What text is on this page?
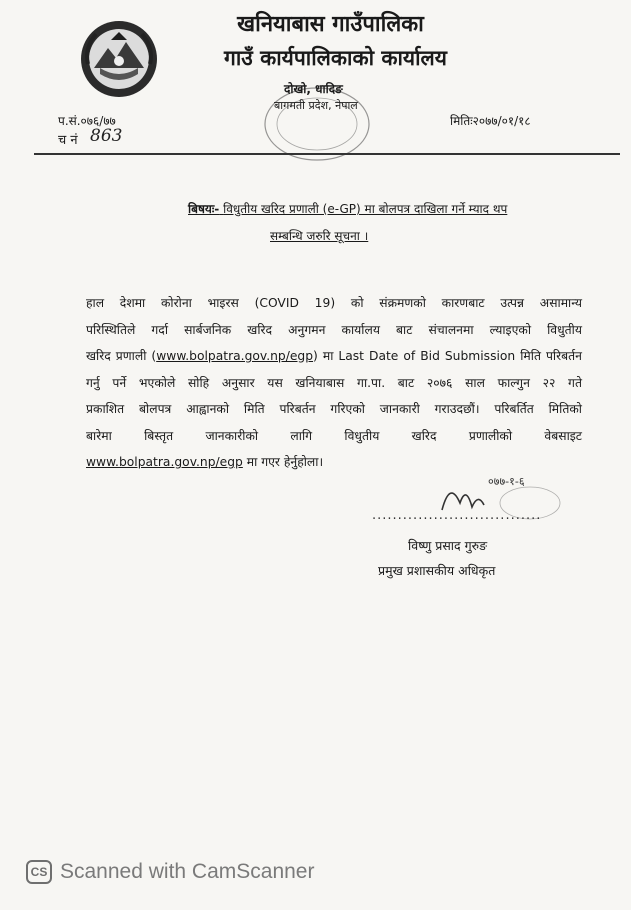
खनियाबास गाउँपालिका
गाउँ कार्यपालिकाको कार्यालय
दोखो, धादिङ
बागमती प्रदेश, नेपाल
प.सं.०७६/७७
च नं 863
मितिः२०७७/०१/१८
बिषयः- विधुतीय खरिद प्रणाली (e-GP) मा बोलपत्र दाखिला गर्ने म्याद थप
सम्बन्धि जरुरि सूचना ।
हाल देशमा कोरोना भाइरस (COVID 19) को संक्रमणको कारणबाट उत्पन्न असामान्य
परिस्थितिले गर्दा सार्बजनिक खरिद अनुगमन कार्यालय बाट संचालनमा ल्याइएको विधुतीय
खरिद प्रणाली (www.bolpatra.gov.np/egp) मा Last Date of Bid Submission मिति परिबर्तन
गर्नु पर्ने भएकोले सोहि अनुसार यस खनियाबास गा.पा. बाट २०७६ साल फाल्गुन २२ गते
प्रकाशित बोलपत्र आह्वानको मिति परिबर्तन गरिएको जानकारी गराउदछौं। परिबर्तित मितिको
बारेमा बिस्तृत जानकारीको लागि विधुतीय खरिद प्रणालीको वेबसाइट
www.bolpatra.gov.np/egp मा गएर हेर्नुहोला।
०७७-१-६
.................................
विष्णु प्रसाद गुरुङ
प्रमुख प्रशासकीय अधिकृत
CS Scanned with CamScanner
